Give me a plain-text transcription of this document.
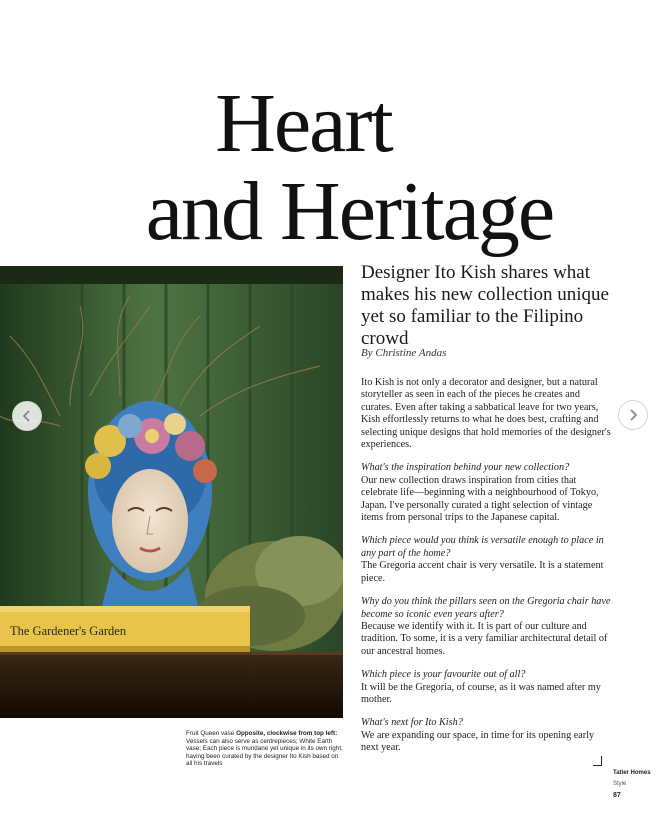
Heart
and Heritage
The Gardener's Garden
Designer Ito Kish shares what makes his new collection unique yet so familiar to the Filipino crowd
By Christine Andas

Ito Kish is not only a decorator and designer, but a natural storyteller as seen in each of the pieces he creates and curates. Even after taking a sabbatical leave for two years, Kish effortlessly returns to what he does best, crafting and selecting unique designs that hold memories of the designer's experiences.

What's the inspiration behind your new collection?

Our new collection draws inspiration from cities that celebrate life—beginning with a neighbourhood of Tokyo, Japan. I've personally curated a tight selection of vintage items from personal trips to the Japanese capital.

Which piece would you think is versatile enough to place in any part of the home?

The Gregoria accent chair is very versatile. It is a statement piece.

Why do you think the pillars seen on the Gregoria chair have become so iconic even years after?

Because we identify with it. It is part of our culture and tradition. To some, it is a very familiar architectural detail of our ancestral homes.

Which piece is your favourite out of all?

It will be the Gregoria, of course, as it was named after my mother.

What's next for Ito Kish?

We are expanding our space, in time for its opening early next year.

Fruit Queen vase Opposite, clockwise from top left: Vessels can also serve as centrepieces; White Earth vase; Each piece is mundane yet unique in its own right, having been curated by the designer Ito Kish based on all his travels
Tatler Homes
Style
87
